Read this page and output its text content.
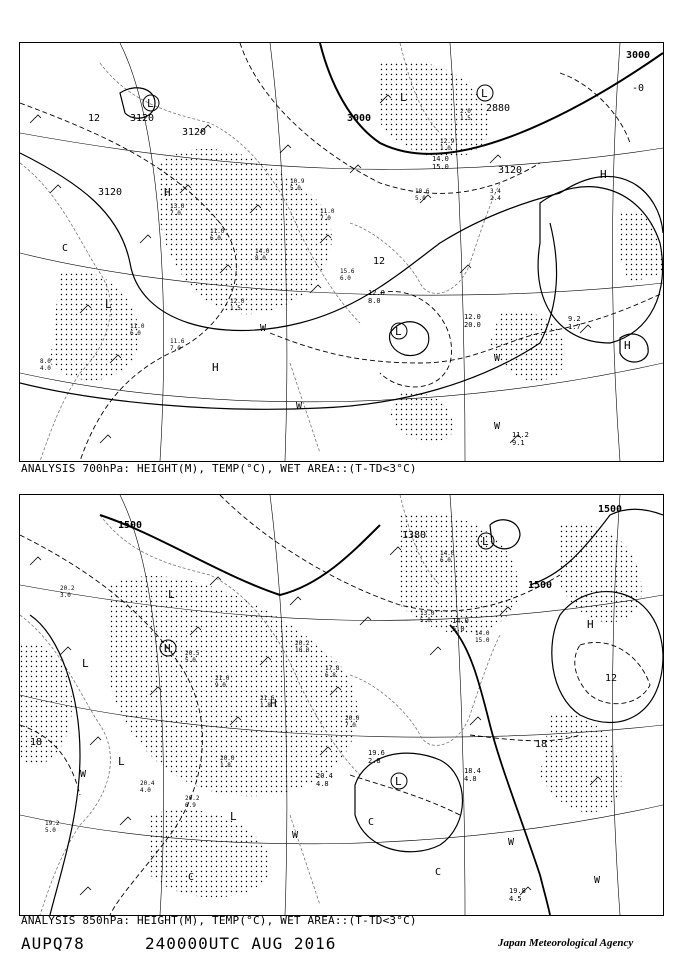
13.0
7.0
11.0
6.0
14.0
8.0
10.9
5.0
11.0
7.0
15.6
6.0
12.0
1.5
11.0
6.0
11.6
7.0
8.0
4.0
3.4
2.4
12.9
1.0
10.6
5.0
2.0
1.5
3000
3000
3120
3120
3120
3120
2880
L
L
L
L
L
H
H
H
H
12
-0
12
C
W
W
W
W
11.2
9.1
12.0
20.0
12.0
8.0
9.2
1.7
14.0
15.0
ANALYSIS 700hPa: HEIGHT(M), TEMP(°C), WET AREA::(T-TD<3°C)
20.5
5.0
21.0
9.0
21.6
1.8
20.2
10.0
17.8
6.8
20.0
7.0
20.0
1.8
20.4
4.0
20.2
6.9
19.2
5.0
20.2
3.0
14.0
6.0
13.0
5.0
14.0
15.0
1500
1500
1500
1380
H
H
H
L
L
L
L
L
L
18	18
12
W
W
W
W
C	C
C
19.8
4.5
18.4
4.8
19.6
2.8
14.0
5.0
20.4
4.8
ANALYSIS 850hPa: HEIGHT(M), TEMP(°C), WET AREA::(T-TD<3°C)
AUPQ78	240000UTC AUG 2016	Japan Meteorological Agency
